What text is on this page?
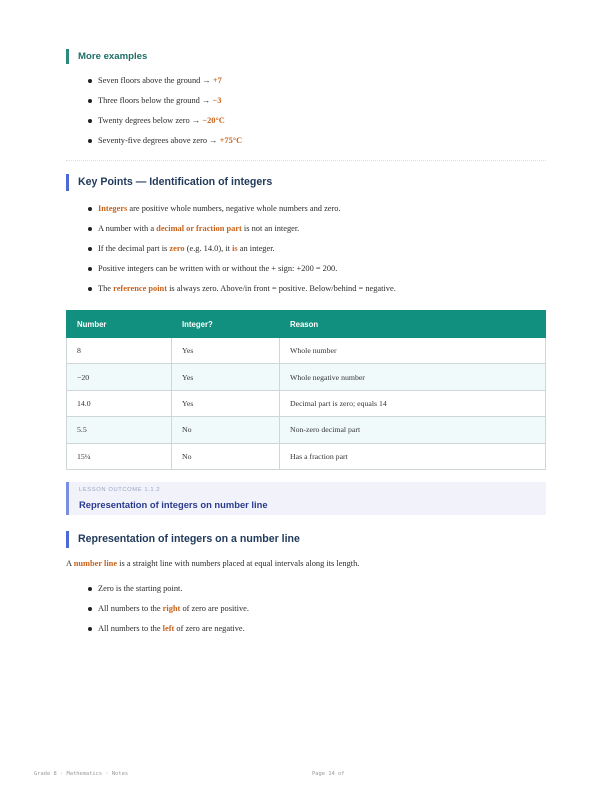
More examples
Seven floors above the ground → +7
Three floors below the ground → −3
Twenty degrees below zero → −20°C
Seventy-five degrees above zero → +75°C
Key Points — Identification of integers
Integers are positive whole numbers, negative whole numbers and zero.
A number with a decimal or fraction part is not an integer.
If the decimal part is zero (e.g. 14.0), it is an integer.
Positive integers can be written with or without the + sign: +200 = 200.
The reference point is always zero. Above/in front = positive. Below/behind = negative.
Number	Integer?	Reason
8	Yes	Whole number
−20	Yes	Whole negative number
14.0	Yes	Decimal part is zero; equals 14
5.5	No	Non-zero decimal part
15¼	No	Has a fraction part
LESSON OUTCOME 1.1.2
Representation of integers on number line
Representation of integers on a number line
A number line is a straight line with numbers placed at equal intervals along its length.
Zero is the starting point.
All numbers to the right of zero are positive.
All numbers to the left of zero are negative.
Grade 8 · Mathematics · Notes	Page 14 of
